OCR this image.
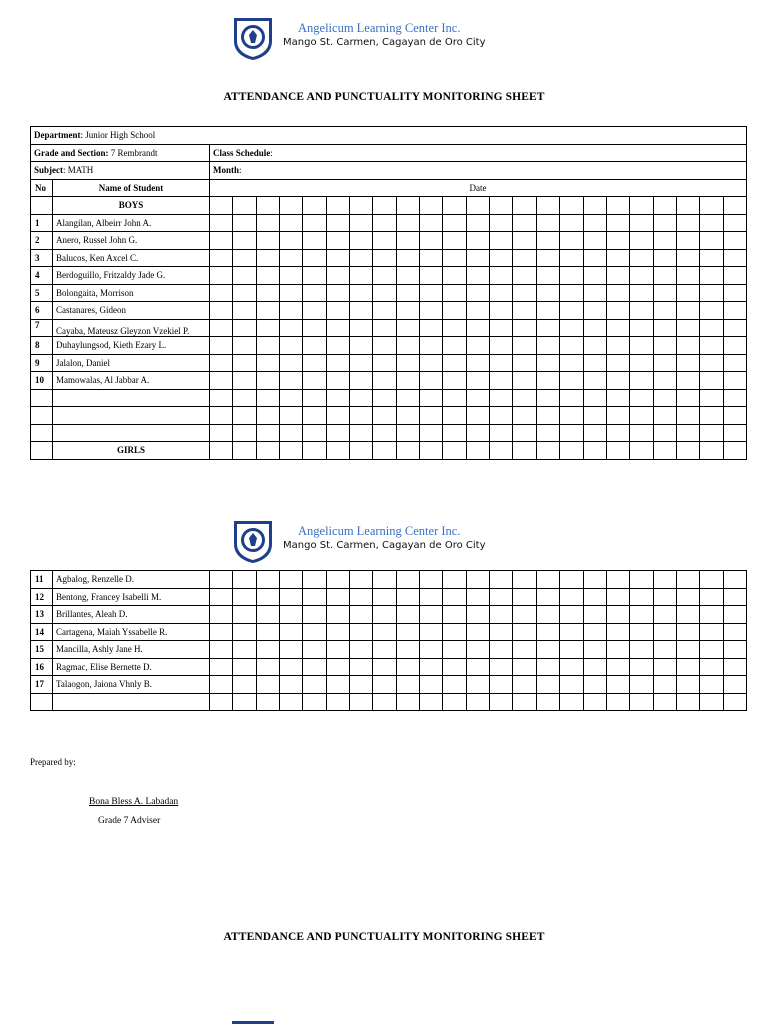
Angelicum Learning Center Inc.
Mango St. Carmen, Cagayan de Oro City
ATTENDANCE AND PUNCTUALITY MONITORING SHEET
Department: Junior High School																								
Grade and Section: 7 Rembrandt		Class Schedule:																						
Subject: MATH		Month:																						
No	Name of Student	Date																						
	BOYS																							
1	Alangilan, Albeirr John A.																							
2	Anero, Russel John G.																							
3	Balucos, Ken Axcel C.																							
4	Berdoguillo, Fritzaldy Jade G.																							
5	Bolongaita, Morrison																							
6	Castanares, Gideon																							
7	Cayaba, Mateusz Gleyzon Vzekiel P.																							
8	Duhaylungsod, Kieth Ezary L.																							
9	Jalalon, Daniel																							
10	Mamowalas, Al Jabbar A.																							

	GIRLS																							
Angelicum Learning Center Inc.
Mango St. Carmen, Cagayan de Oro City
11	Agbalog, Renzelle D.																							
12	Bentong, Francey Isabelli M.																							
13	Brillantes, Aleah D.																							
14	Cartagena, Maiah Yssabelle R.																							
15	Mancilla, Ashly Jane H.																							
16	Ragmac, Elise Bernette D.																							
17	Talaogon, Jaiona Vhnly B.																							

Prepared by:
Bona Bless A. Labadan
Grade 7 Adviser
ATTENDANCE AND PUNCTUALITY MONITORING SHEET
